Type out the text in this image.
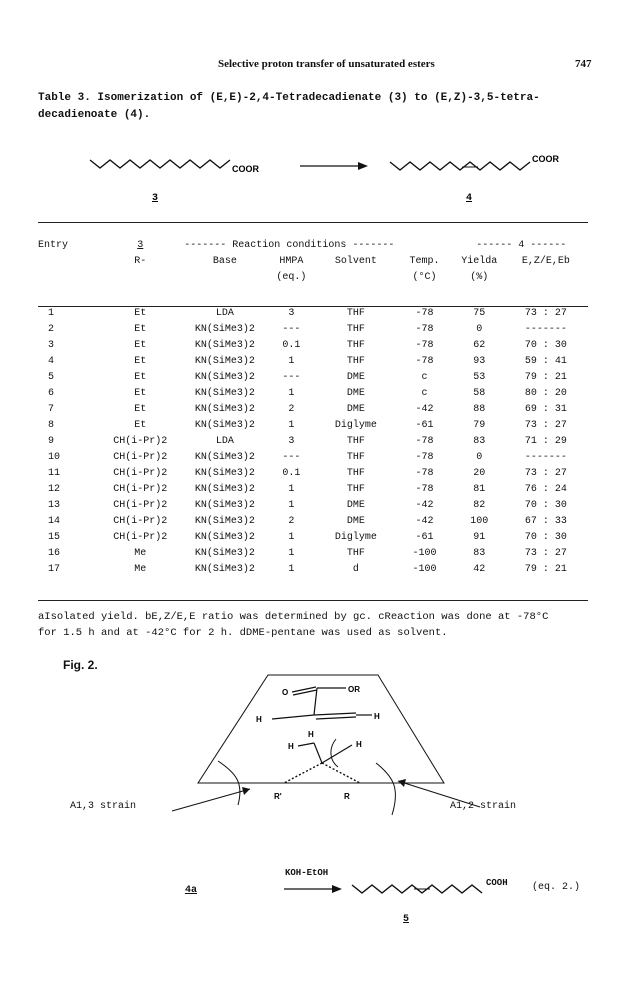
Selective proton transfer of unsaturated esters	747
Table 3. Isomerization of (E,E)-2,4-Tetradecadienate (3) to (E,Z)-3,5-tetra-
decadienoate (4).
COOR
COOR
3	4
Entry	3	------- Reaction conditions -------				------ 4 ------	
	R-	Base	HMPA	Solvent	Temp.	Yielda	E,Z/E,Eb
			(eq.)		(°C)	(%)	

1	Et	LDA	3	THF	-78	75	73 : 27
2	Et	KN(SiMe3)2	---	THF	-78	0	-------
3	Et	KN(SiMe3)2	0.1	THF	-78	62	70 : 30
4	Et	KN(SiMe3)2	1	THF	-78	93	59 : 41
5	Et	KN(SiMe3)2	---	DME	c	53	79 : 21
6	Et	KN(SiMe3)2	1	DME	c	58	80 : 20
7	Et	KN(SiMe3)2	2	DME	-42	88	69 : 31
8	Et	KN(SiMe3)2	1	Diglyme	-61	79	73 : 27
9	CH(i-Pr)2	LDA	3	THF	-78	83	71 : 29
10	CH(i-Pr)2	KN(SiMe3)2	---	THF	-78	0	-------
11	CH(i-Pr)2	KN(SiMe3)2	0.1	THF	-78	20	73 : 27
12	CH(i-Pr)2	KN(SiMe3)2	1	THF	-78	81	76 : 24
13	CH(i-Pr)2	KN(SiMe3)2	1	DME	-42	82	70 : 30
14	CH(i-Pr)2	KN(SiMe3)2	2	DME	-42	100	67 : 33
15	CH(i-Pr)2	KN(SiMe3)2	1	Diglyme	-61	91	70 : 30
16	Me	KN(SiMe3)2	1	THF	-100	83	73 : 27
17	Me	KN(SiMe3)2	1	d	-100	42	79 : 21
aIsolated yield. bE,Z/E,E ratio was determined by gc. cReaction was done at -78°C
for 1.5 h and at -42°C for 2 h. dDME-pentane was used as solvent.
Fig. 2.
O	OR
H	H
H
H	H
R'	R
A1,3 strain	A1,2 strain
KOH-EtOH
4a
COOH (eq. 2.)
5
